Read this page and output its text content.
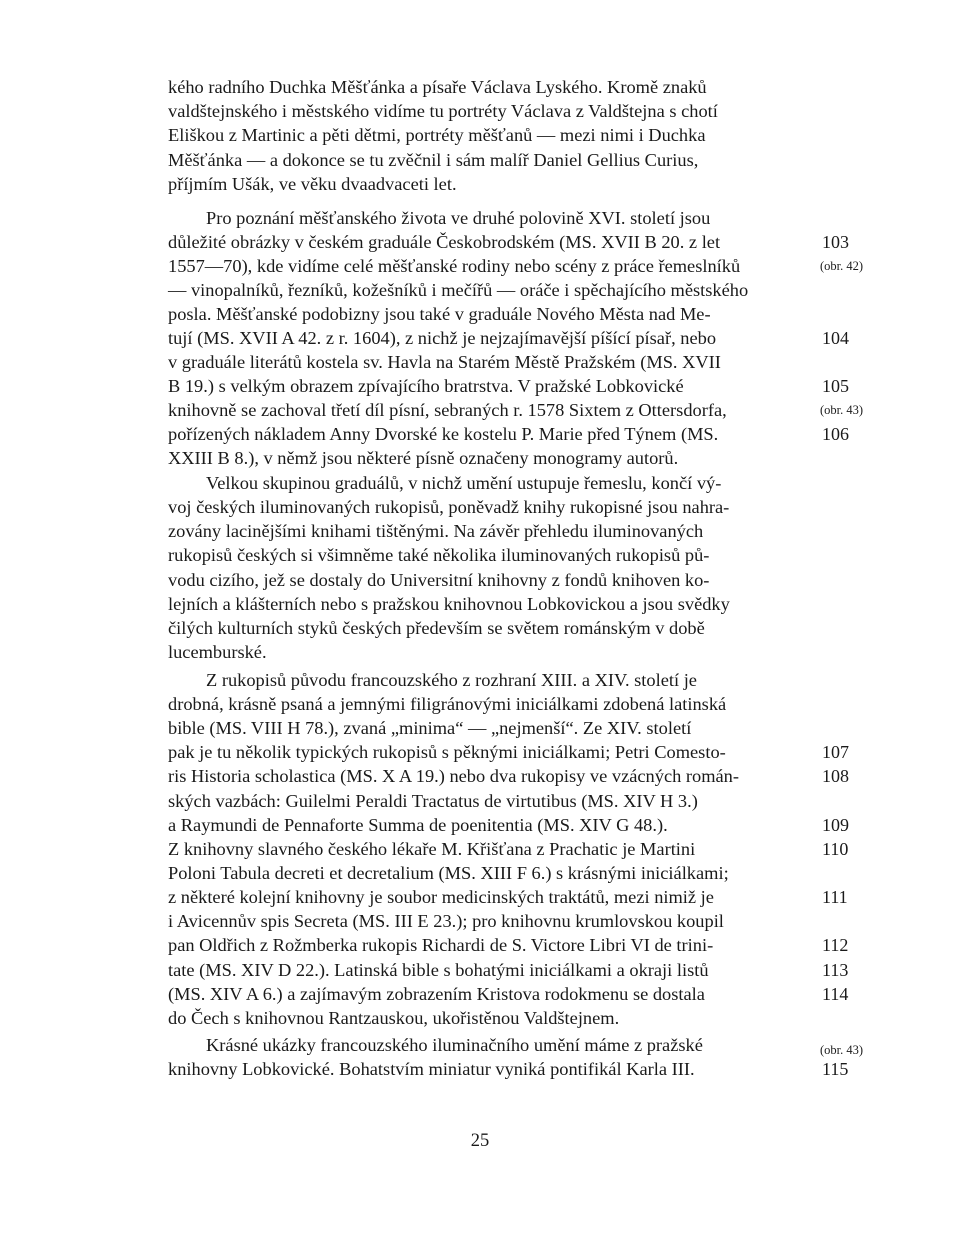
kého radního Duchka Měšťánka a písaře Václava Lyského. Kromě znaků
valdštejnského i městského vidíme tu portréty Václava z Valdštejna s chotí
Eliškou z Martinic a pěti dětmi, portréty měšťanů — mezi nimi i Duchka
Měšťánka — a dokonce se tu zvěčnil i sám malíř Daniel Gellius Curius,
příjmím Ušák, ve věku dvaadvaceti let.
Pro poznání měšťanského života ve druhé polovině XVI. století jsou
důležité obrázky v českém graduále Českobrodském (MS. XVII B 20. z let
1557—70), kde vidíme celé měšťanské rodiny nebo scény z práce řemeslníků
— vinopalníků, řezníků, kožešníků i mečířů — oráče i spěchajícího městského
posla. Měšťanské podobizny jsou také v graduále Nového Města nad Me-
tují (MS. XVII A 42. z r. 1604), z nichž je nejzajímavější píšící písař, nebo
v graduále literátů kostela sv. Havla na Starém Městě Pražském (MS. XVII
B 19.) s velkým obrazem zpívajícího bratrstva. V pražské Lobkovické
knihovně se zachoval třetí díl písní, sebraných r. 1578 Sixtem z Ottersdorfa,
pořízených nákladem Anny Dvorské ke kostelu P. Marie před Týnem (MS.
XXIII B 8.), v němž jsou některé písně označeny monogramy autorů.
Velkou skupinou graduálů, v nichž umění ustupuje řemeslu, končí vý-
voj českých iluminovaných rukopisů, poněvadž knihy rukopisné jsou nahra-
zovány lacinějšími knihami tištěnými. Na závěr přehledu iluminovaných
rukopisů českých si všimněme také několika iluminovaných rukopisů pů-
vodu cizího, jež se dostaly do Universitní knihovny z fondů knihoven ko-
lejních a klášterních nebo s pražskou knihovnou Lobkovickou a jsou svědky
čilých kulturních styků českých především se světem románským v době
lucemburské.
Z rukopisů původu francouzského z rozhraní XIII. a XIV. století je
drobná, krásně psaná a jemnými filigránovými iniciálkami zdobená latinská
bible (MS. VIII H 78.), zvaná „minima“ — „nejmenší“. Ze XIV. století
pak je tu několik typických rukopisů s pěknými iniciálkami; Petri Comesto-
ris Historia scholastica (MS. X A 19.) nebo dva rukopisy ve vzácných román-
ských vazbách: Guilelmi Peraldi Tractatus de virtutibus (MS. XIV H 3.)
a Raymundi de Pennaforte Summa de poenitentia (MS. XIV G 48.).
Z knihovny slavného českého lékaře M. Křišťana z Prachatic je Martini
Poloni Tabula decreti et decretalium (MS. XIII F 6.) s krásnými iniciálkami;
z některé kolejní knihovny je soubor medicinských traktátů, mezi nimiž je
i Avicennův spis Secreta (MS. III E 23.); pro knihovnu krumlovskou koupil
pan Oldřich z Rožmberka rukopis Richardi de S. Victore Libri VI de trini-
tate (MS. XIV D 22.). Latinská bible s bohatými iniciálkami a okraji listů
(MS. XIV A 6.) a zajímavým zobrazením Kristova rodokmenu se dostala
do Čech s knihovnou Rantzauskou, ukořistěnou Valdštejnem.
Krásné ukázky francouzského iluminačního umění máme z pražské
knihovny Lobkovické. Bohatstvím miniatur vyniká pontifikál Karla III.
103
(obr. 42)
104
105
(obr. 43)
106
107
108
109
110
111
112
113
114
(obr. 43)
115
25
